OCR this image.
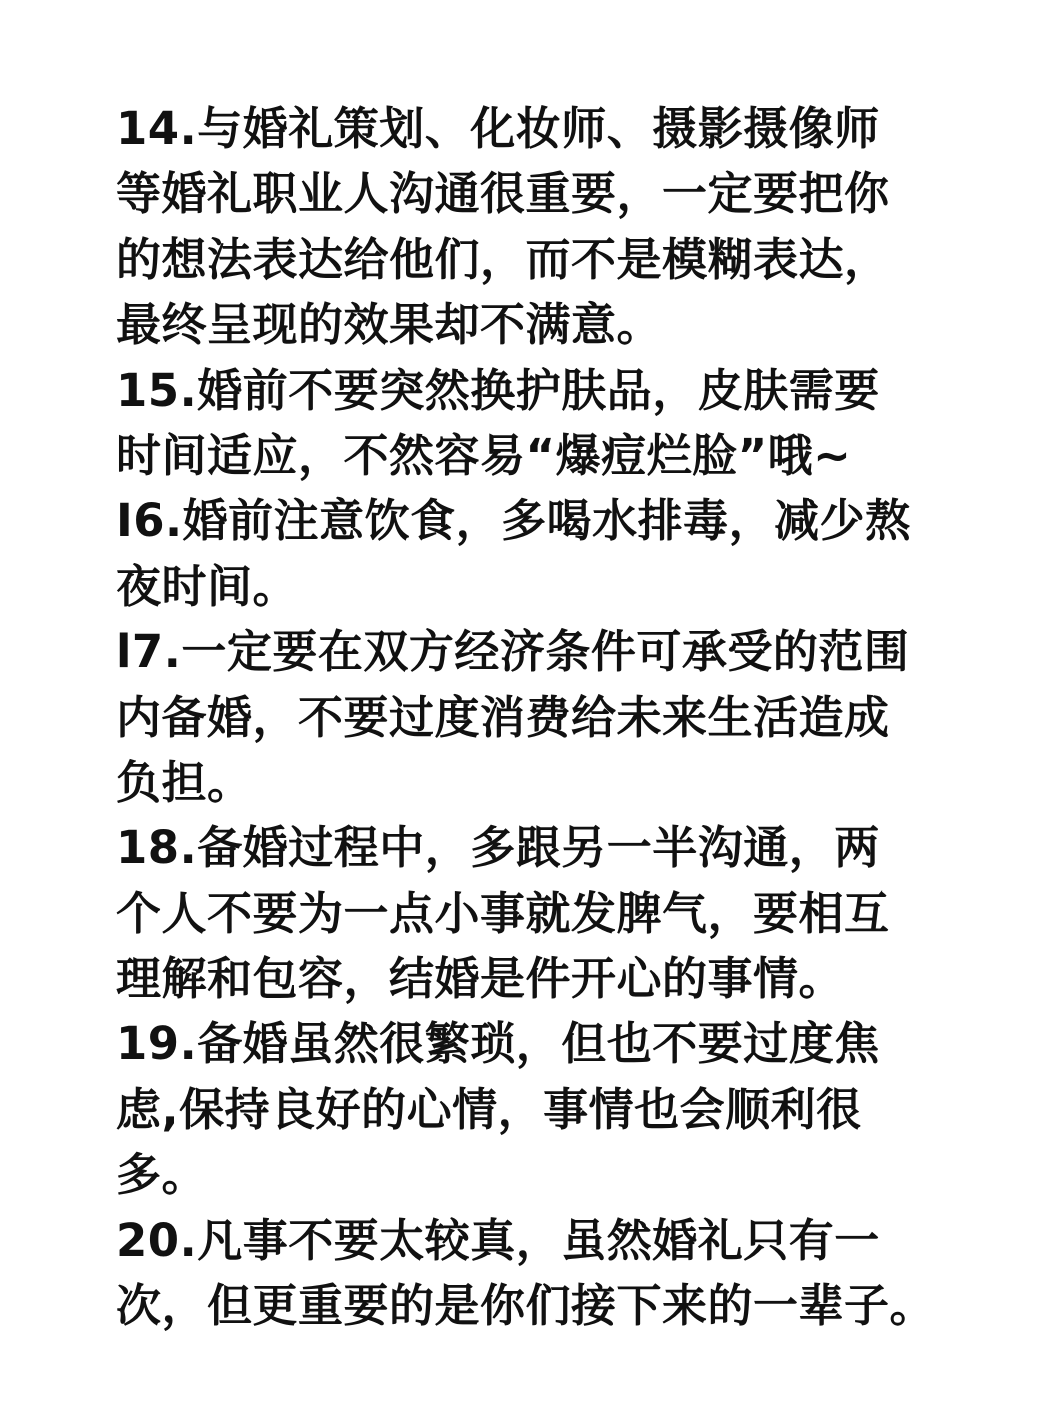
14.与婚礼策划、化妆师、摄影摄像师
等婚礼职业人沟通很重要，一定要把你
的想法表达给他们，而不是模糊表达，
最终呈现的效果却不满意。
15.婚前不要突然换护肤品，皮肤需要
时间适应，不然容易“爆痘烂脸”哦~
I6.婚前注意饮食，多喝水排毒，减少熬
夜时间。
l7.一定要在双方经济条件可承受的范围
内备婚，不要过度消费给未来生活造成
负担。
18.备婚过程中，多跟另一半沟通，两
个人不要为一点小事就发脾气，要相互
理解和包容，结婚是件开心的事情。
19.备婚虽然很繁琐，但也不要过度焦
虑,保持良好的心情，事情也会顺利很
多。
20.凡事不要太较真，虽然婚礼只有一
次，但更重要的是你们接下来的一辈子。
